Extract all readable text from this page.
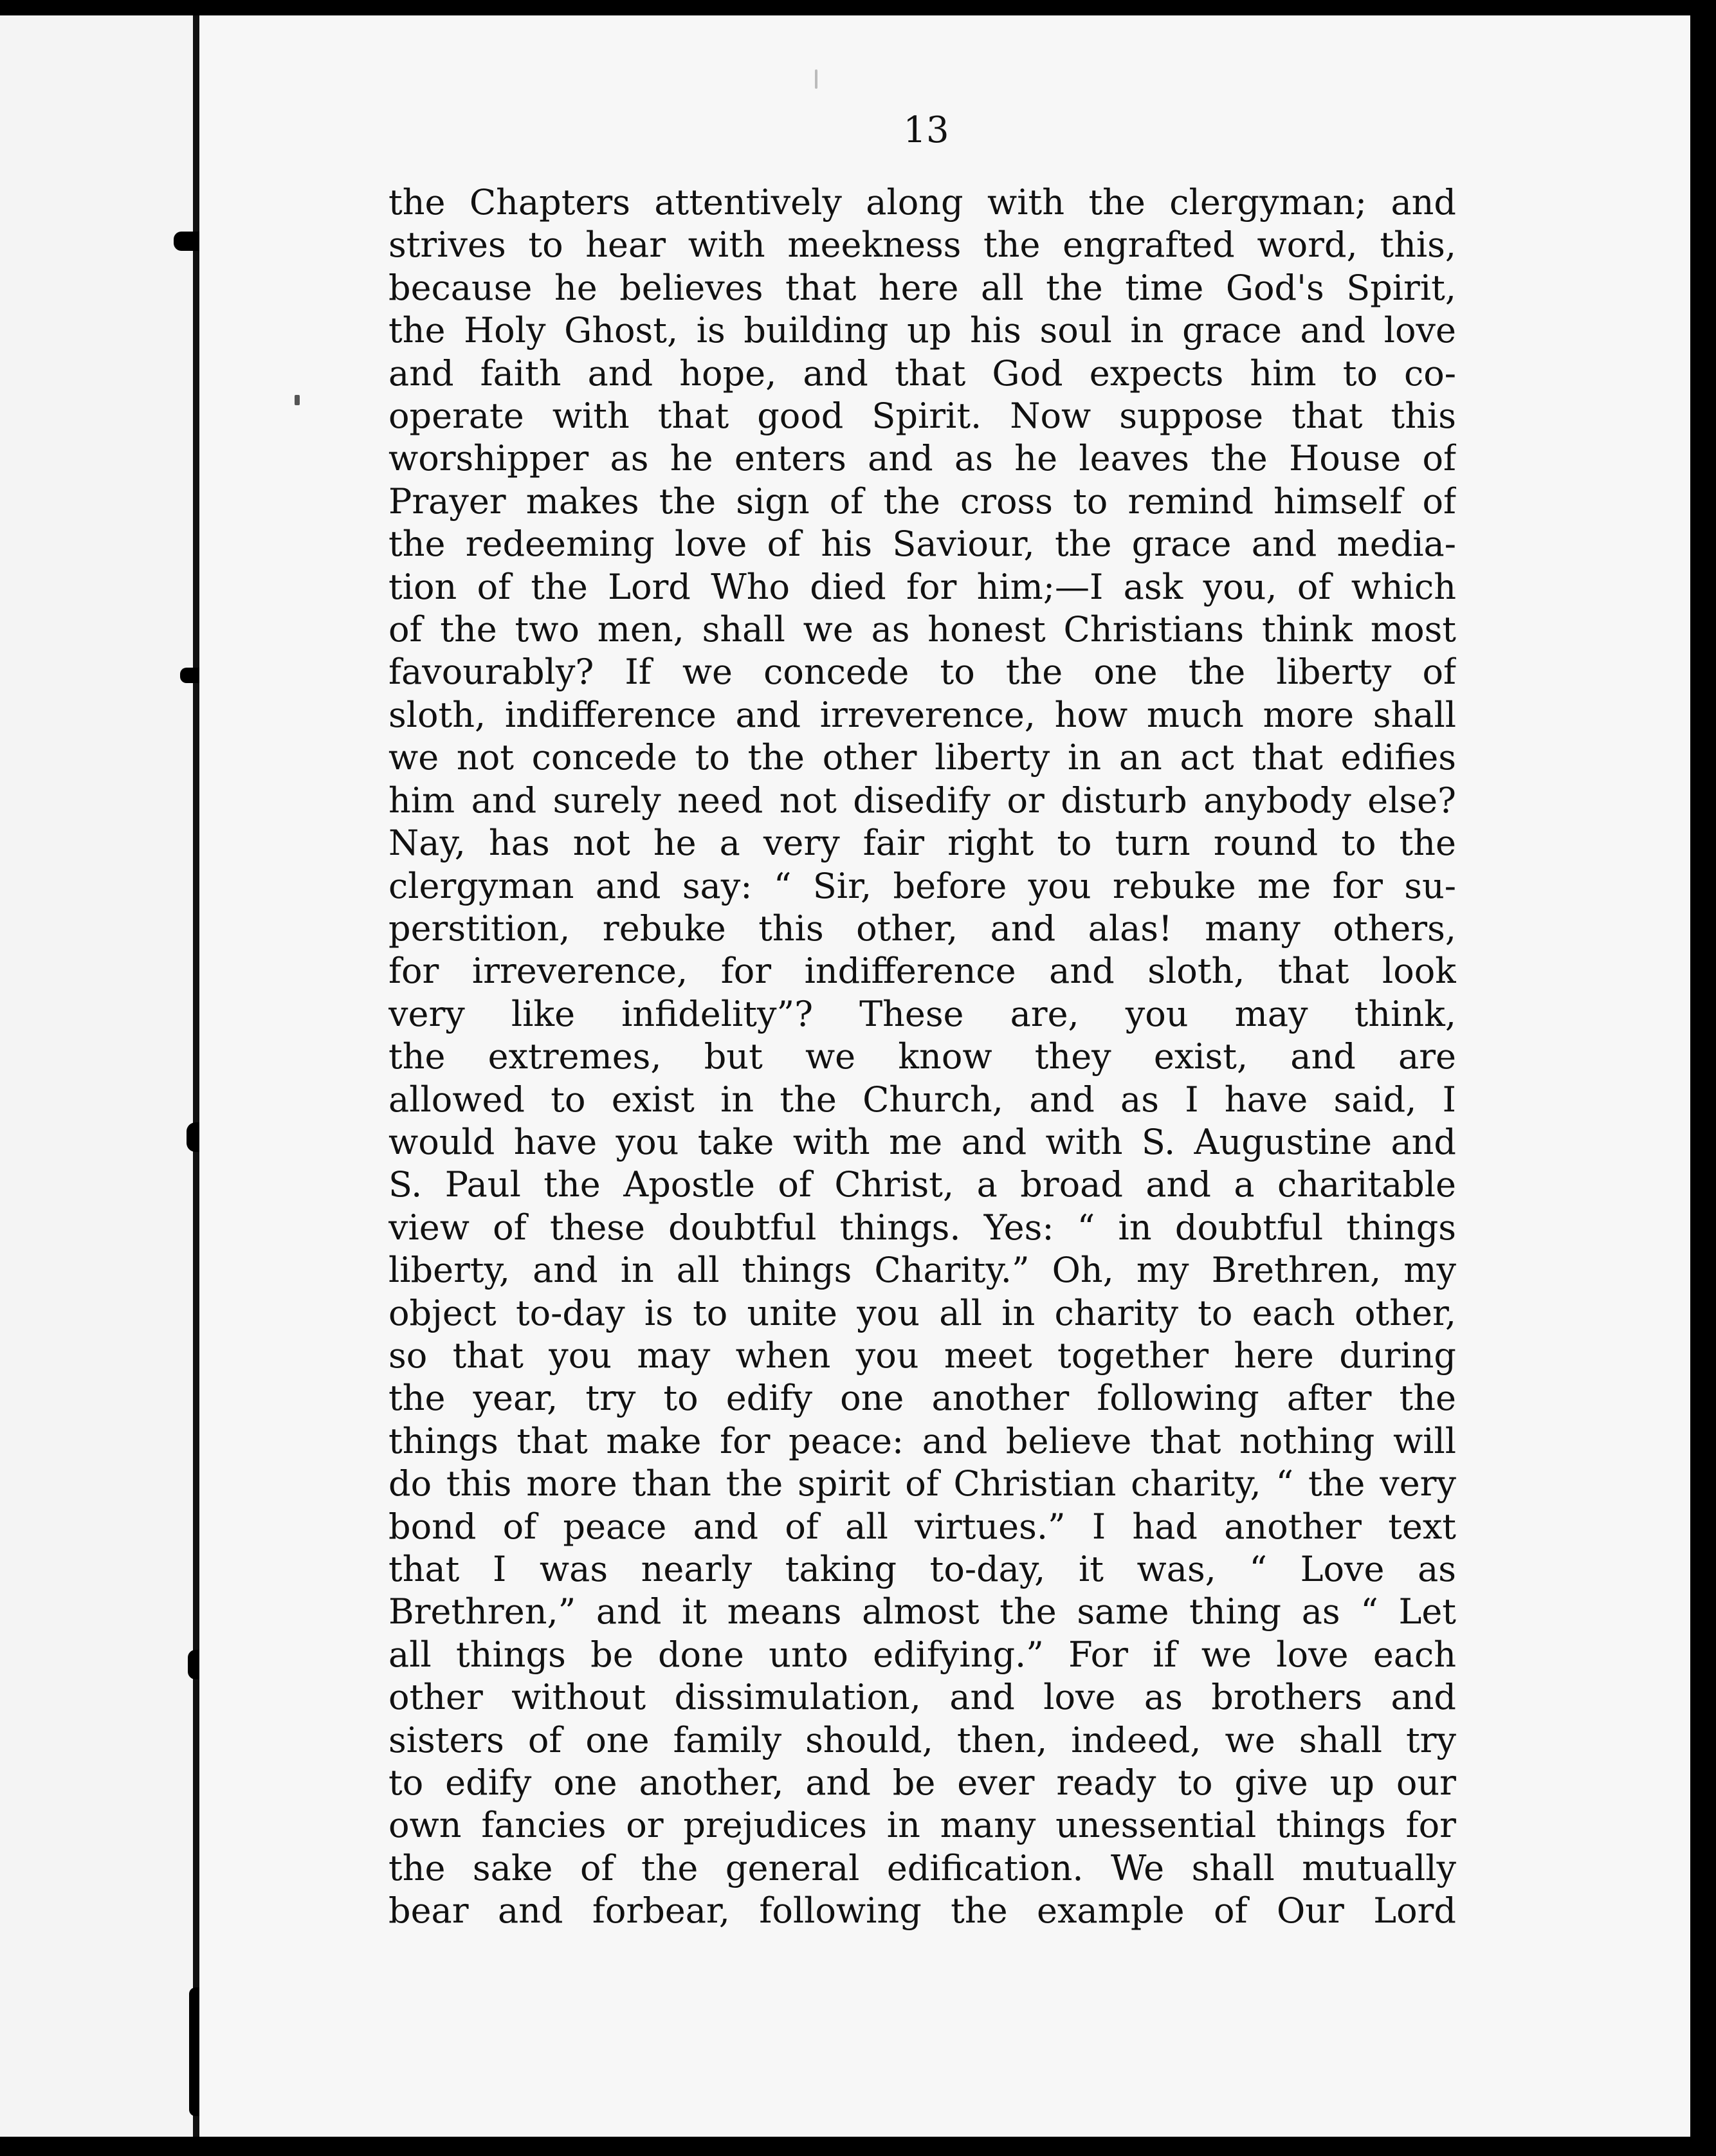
13
the Chapters attentively along with the clergyman; and
strives to hear with meekness the engrafted word, this,
because he believes that here all the time God's Spirit,
the Holy Ghost, is building up his soul in grace and love
and faith and hope, and that God expects him to co-
operate with that good Spirit. Now suppose that this
worshipper as he enters and as he leaves the House of
Prayer makes the sign of the cross to remind himself of
the redeeming love of his Saviour, the grace and media-
tion of the Lord Who died for him;—I ask you, of which
of the two men, shall we as honest Christians think most
favourably? If we concede to the one the liberty of
sloth, indifference and irreverence, how much more shall
we not concede to the other liberty in an act that edifies
him and surely need not disedify or disturb anybody else?
Nay, has not he a very fair right to turn round to the
clergyman and say: “ Sir, before you rebuke me for su-
perstition, rebuke this other, and alas! many others,
for irreverence, for indifference and sloth, that look
very like infidelity”? These are, you may think,
the extremes, but we know they exist, and are
allowed to exist in the Church, and as I have said, I
would have you take with me and with S. Augustine and
S. Paul the Apostle of Christ, a broad and a charitable
view of these doubtful things. Yes: “ in doubtful things
liberty, and in all things Charity.” Oh, my Brethren, my
object to-day is to unite you all in charity to each other,
so that you may when you meet together here during
the year, try to edify one another following after the
things that make for peace: and believe that nothing will
do this more than the spirit of Christian charity, “ the very
bond of peace and of all virtues.” I had another text
that I was nearly taking to-day, it was, “ Love as
Brethren,” and it means almost the same thing as “ Let
all things be done unto edifying.” For if we love each
other without dissimulation, and love as brothers and
sisters of one family should, then, indeed, we shall try
to edify one another, and be ever ready to give up our
own fancies or prejudices in many unessential things for
the sake of the general edification. We shall mutually
bear and forbear, following the example of Our Lord
